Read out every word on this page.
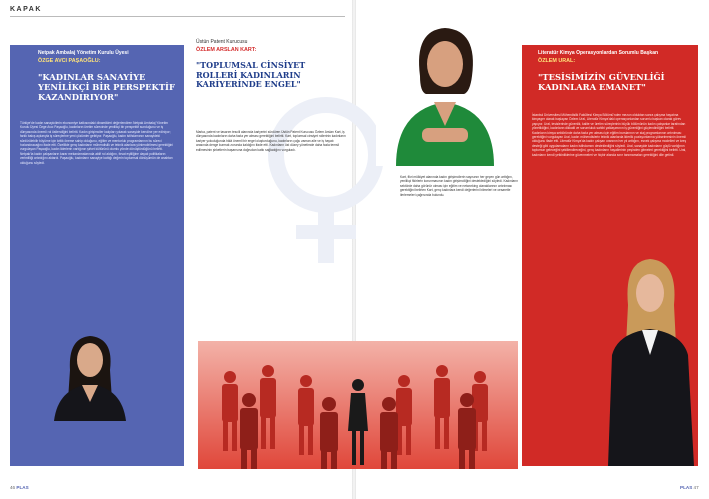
KAPAK
Netpak Ambalaj Yönetim Kurulu Üyesi
ÖZGE AVCI PAŞAOĞLU:
"KADINLAR SANAYİYE YENİLİKÇİ BİR PERSPEKTİF KAZANDIRIYOR"
Türkiye'de kadın sanayicilerin ekonomiye katkısındaki dinamikleri değerlendiren Netpak Ambalaj Yönetim Kurulu Üyesi Özge Avcı Paşaoğlu, kadınların üretim sürecinde yenilikçi bir perspektif sunduğunu ve iş dünyasında önemli rol üstlendiğini belirtti. Kadın girişimciler kalıpları yıkarak sanayide kendine yer ediniyor; farklı bakış açılarıyla iş süreçlerine yeni çözümler getiriyor. Paşaoğlu, kadın istihdamının sanayideki sürdürülebilir büyüme için kritik öneme sahip olduğunu, eğitim ve mentorluk programlarının bu süreci hızlandıracağını ifade etti. Özellikle genç kadınların mühendislik ve teknik alanlara yönlendirilmesi gerektiğini vurgulayan Paşaoğlu, kadın liderlerin varlığının şirket kültürünü olumlu yönde dönüştürdüğünü belirtti. Netpak'ta kadın çalışanların karar mekanizmalarında aktif rol aldığını, fırsat eşitliğine dayalı politikaların verimliliği artırdığını aktardı. Paşaoğlu, kadınların sanayiye kattığı değerin toplumsal dönüşümün de anahtarı olduğunu söyledi.
Üstün Patent Kurucusu
ÖZLEM ARSLAN KART:
"TOPLUMSAL CİNSİYET ROLLERİ KADINLARIN KARİYERİNDE ENGEL"
Marka, patent ve tasarım tescili alanında kariyerini sürdüren Üstün Patent Kurucusu Özlem Arslan Kart, iş dünyasında kadınların daha fazla yer alması gerektiğini belirtti. Kart, toplumsal cinsiyet rollerinin kadınların kariyer yolculuğunda hâlâ önemli bir engel oluşturduğunu, kadınların çoğu zaman aile ve iş hayatı arasında denge kurmak zorunda kaldığını ifade etti. Kadınların üst düzey yönetimde daha fazla temsil edilmesinin şirketlerin başarısına doğrudan katkı sağladığını vurguladı.
Kart, fikri mülkiyet alanında kadın girişimcilerin sayısının her geçen gün arttığını, yenilikçi fikirlerin korunmasının kadın girişimciliğini desteklediğini söyledi. Kadınların sektörde daha görünür olması için eğitim ve networking olanaklarının artırılması gerektiğini belirten Kart, genç kadınlara kendi değerlerini bilmeleri ve cesaretle ilerlemeleri çağrısında bulundu.
Literatür Kimya Operasyonlardan Sorumlu Başkan
ÖZLEM URAL:
"TESİSİMİZİN GÜVENLİĞİ KADINLARA EMANET"
İstanbul Üniversitesi Mühendislik Fakültesi Kimya Bölümü'nden mezun olduktan sonra çalışma hayatına kimyager olarak başlayan Özlem Ural, Literatür Kimya'daki operasyonlardan sorumlu başkan olarak görev yapıyor. Ural, tesislerinde güvenlik, kalite ve üretim süreçlerinin büyük bölümünün kadın çalışanlar tarafından yönetildiğini, kadınların dikkatli ve sorumluluk sahibi yaklaşımının iş güvenliğini güçlendirdiğini belirtti. Kadınların kimya sektöründe daha fazla yer alması için eğitim burslarının ve staj programlarının artırılması gerektiğini vurgulayan Ural, kadın mühendislerin teknik alanlarda liderlik pozisyonlarına yükselmesinin önemli olduğunu ifade etti. Literatür Kimya'da kadın çalışan oranının her yıl arttığını, esnek çalışma modelleri ve kreş desteği gibi uygulamaların kadın istihdamını desteklediğini söyledi. Ural, sanayide kadınların güçlü varlığının toplumun geleceğini şekillendireceğini, genç kadınların hayallerinin peşinden gitmeleri gerektiğini belirtti. Ural, kadınların kendi yetkinliklerine güvenmeleri ve hiçbir alanda sınır tanımamaları gerektiğini dile getirdi.
46 PLAS	PLAS 47
